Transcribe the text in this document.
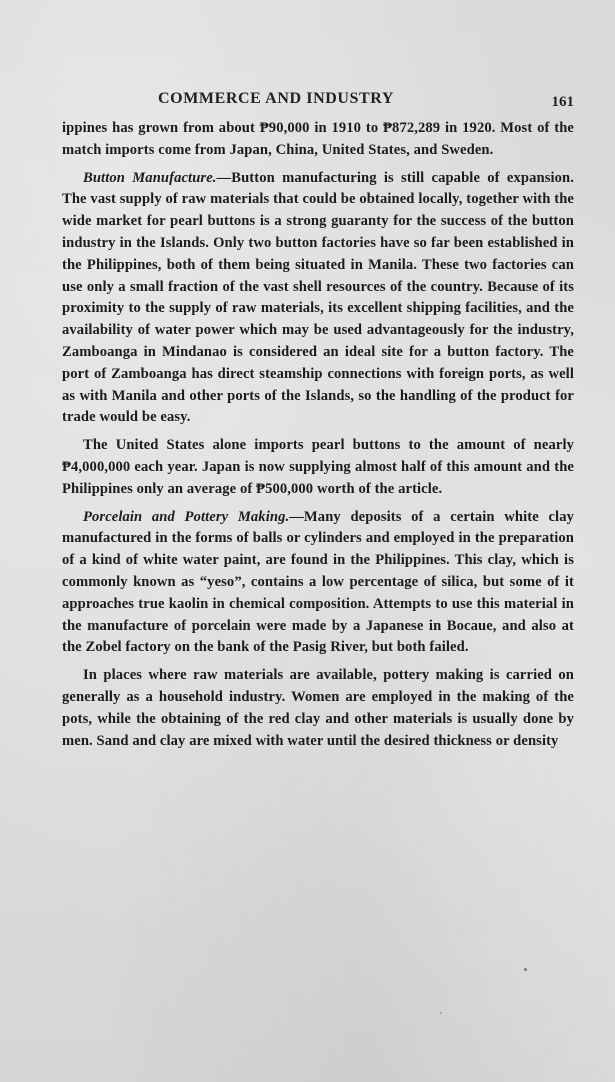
COMMERCE AND INDUSTRY	161

ippines has grown from about ₱90,000 in 1910 to ₱872,289 in 1920. Most of the match imports come from Japan, China, United States, and Sweden.

Button Manufacture.—Button manufacturing is still capable of expansion. The vast supply of raw materials that could be obtained locally, together with the wide market for pearl buttons is a strong guaranty for the success of the button industry in the Islands. Only two button factories have so far been established in the Philippines, both of them being situated in Manila. These two factories can use only a small fraction of the vast shell resources of the country. Because of its proximity to the supply of raw materials, its excellent shipping facilities, and the availability of water power which may be used advantageously for the industry, Zamboanga in Mindanao is considered an ideal site for a button factory. The port of Zamboanga has direct steamship connections with foreign ports, as well as with Manila and other ports of the Islands, so the handling of the product for trade would be easy.

The United States alone imports pearl buttons to the amount of nearly ₱4,000,000 each year. Japan is now supplying almost half of this amount and the Philippines only an average of ₱500,000 worth of the article.

Porcelain and Pottery Making.—Many deposits of a certain white clay manufactured in the forms of balls or cylinders and employed in the preparation of a kind of white water paint, are found in the Philippines. This clay, which is commonly known as “yeso”, contains a low percentage of silica, but some of it approaches true kaolin in chemical composition. Attempts to use this material in the manufacture of porcelain were made by a Japanese in Bocaue, and also at the Zobel factory on the bank of the Pasig River, but both failed.

In places where raw materials are available, pottery making is carried on generally as a household industry. Women are employed in the making of the pots, while the obtaining of the red clay and other materials is usually done by men. Sand and clay are mixed with water until the desired thickness or density
